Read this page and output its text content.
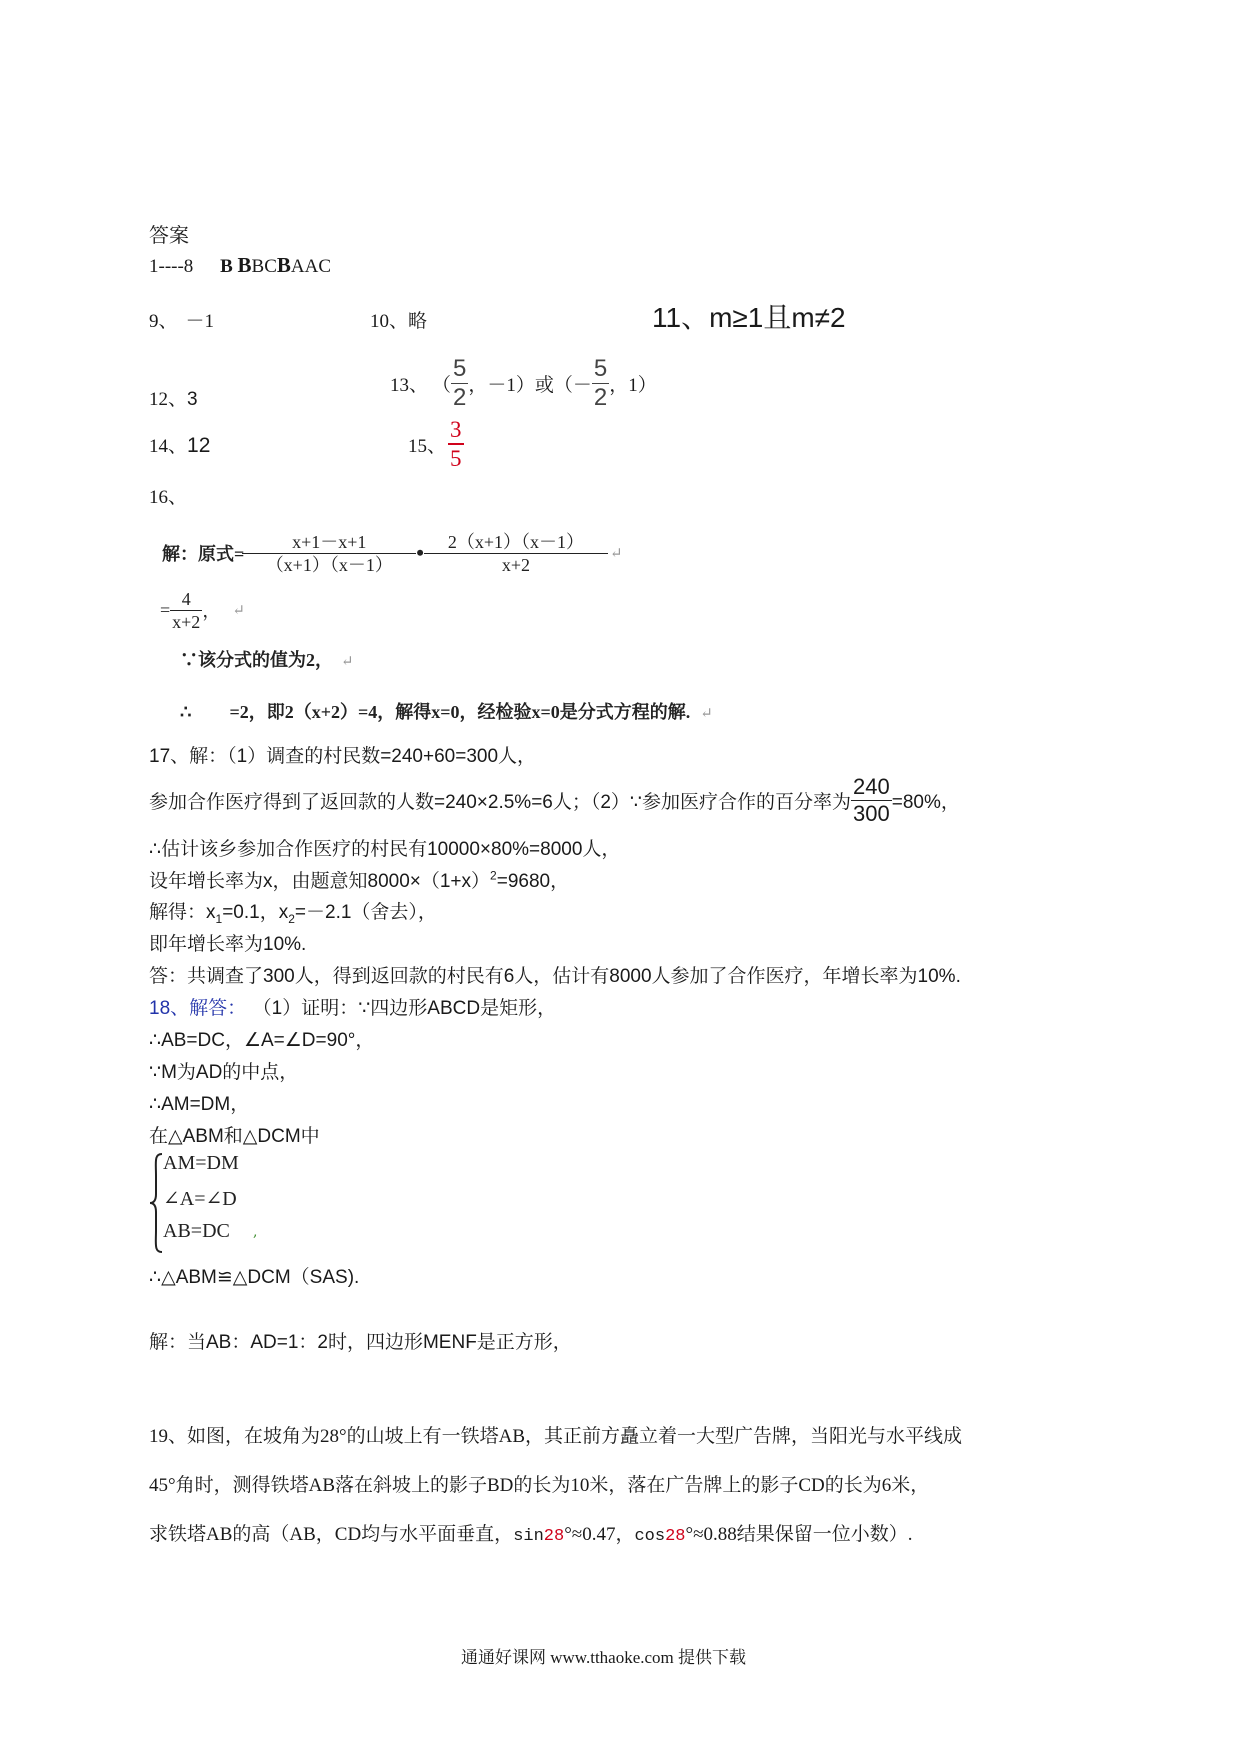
答案
1----8 B BBCBAAC
9、 －1	10、略	11、m≥1且m≠2
12、3
13、 （ $\frac{5}{2}$ ，－1）或（－ $\frac{5}{2}$ ，1）
14、12	15、 $\frac{3}{5}$
16、
解：原式= $\frac{x+1-x+1}{(x+1)(x-1)}$ • $\frac{2(x+1)(x-1)}{x+2}$ ↵
= $\frac{4}{x+2}$ ， ↵
∵该分式的值为2， ↵
∴ =2，即2（x+2）=4，解得x=0，经检验x=0是分式方程的解. ↵
17、解：（1）调查的村民数=240+60=300人，
参加合作医疗得到了返回款的人数=240×2.5%=6人；（2）∵参加医疗合作的百分率为 $\frac{240}{300} =80\%$，
∴估计该乡参加合作医疗的村民有10000×80%=8000人，
设年增长率为x，由题意知$8000\times(1+x)^2=9680$，
解得：$x_1=0.1$，$x_2=-2.1$（舍去），
即年增长率为10%.
答：共调查了300人，得到返回款的村民有6人，估计有8000人参加了合作医疗，年增长率为10%.
18、解答： （1）证明：∵四边形ABCD是矩形，
∴AB=DC，∠A=∠D=90°，
∵M为AD的中点，
∴AM=DM，
在△ABM和△DCM中
AM=DM
∠A=∠D
AB=DC ,
∴△ABM≌△DCM（SAS).
解：当AB：AD=1：2时，四边形MENF是正方形，
19、如图，在坡角为28°的山坡上有一铁塔AB，其正前方矗立着一大型广告牌，当阳光与水平线成
45°角时，测得铁塔AB落在斜坡上的影子BD的长为10米，落在广告牌上的影子CD的长为6米，
求铁塔AB的高（AB，CD均与水平面垂直，sin28°≈0.47，cos28°≈0.88结果保留一位小数）.
通通好课网 www.tthaoke.com 提供下载
